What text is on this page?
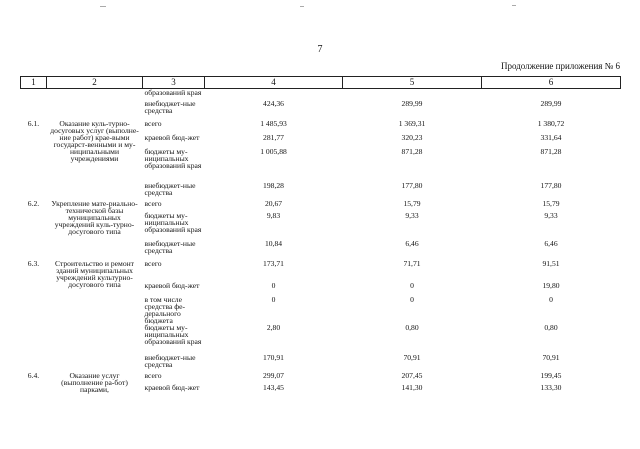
7
Продолжение приложения № 6
1	2	3	4	5	6
		образований края			
		внебюджет-ные средства	424,36	289,99	289,99
6.1.	Оказание куль-турно-досуговых услуг (выполне-ние работ) крае-выми государст-венными и му-ниципальными учреждениями	всего	1 485,93	1 369,31	1 380,72
		краевой бюд-жет	281,77	320,23	331,64
		бюджеты му-ниципальных образований края	1 005,88	871,28	871,28
		внебюджет-ные средства	198,28	177,80	177,80
6.2.	Укрепление мате-риально-технической базы муниципальных учреждений куль-турно-досугового типа	всего	20,67	15,79	15,79
		бюджеты му-ниципальных образований края	9,83	9,33	9,33
		внебюджет-ные средства	10,84	6,46	6,46
6.3.	Строительство и ремонт зданий муниципальных учреждений культурно-досугового типа	всего	173,71	71,71	91,51
		краевой бюд-жет	0	0	19,80
		в том числе средства фе-дерального бюджета	0	0	0
		бюджеты му-ниципальных образований края	2,80	0,80	0,80
		внебюджет-ные средства	170,91	70,91	70,91
6.4.	Оказание услуг (выполнение ра-бот) парками,	всего	299,07	207,45	199,45
		краевой бюд-жет	143,45	141,30	133,30
